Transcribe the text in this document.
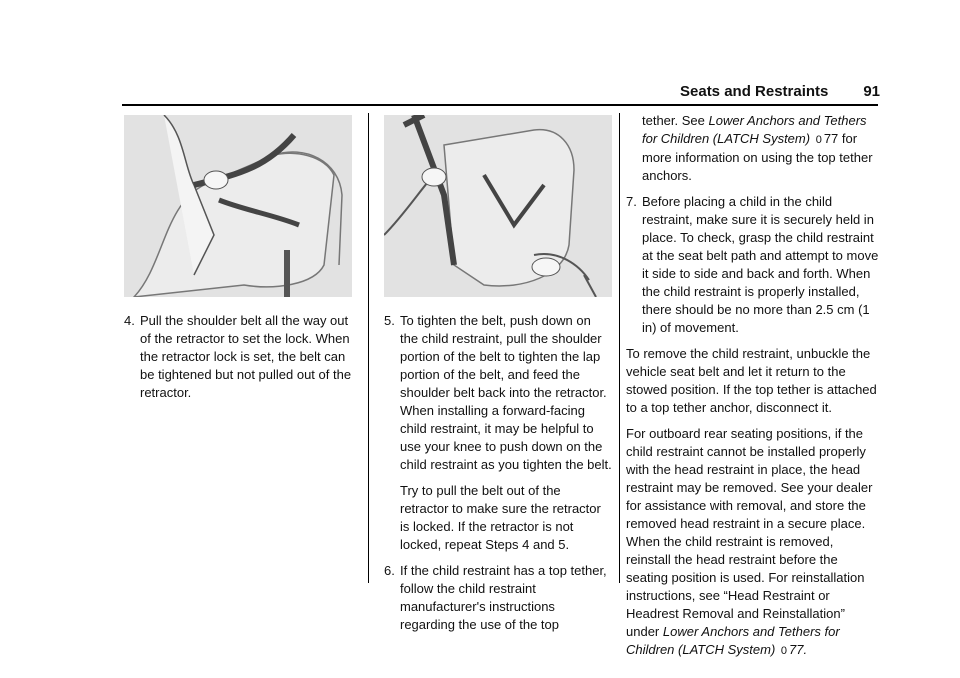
Seats and Restraints	91
4. Pull the shoulder belt all the way out of the retractor to set the lock. When the retractor lock is set, the belt can be tightened but not pulled out of the retractor.
5. To tighten the belt, push down on the child restraint, pull the shoulder portion of the belt to tighten the lap portion of the belt, and feed the shoulder belt back into the retractor. When installing a forward-facing child restraint, it may be helpful to use your knee to push down on the child restraint as you tighten the belt.
Try to pull the belt out of the retractor to make sure the retractor is locked. If the retractor is not locked, repeat Steps 4 and 5.
6. If the child restraint has a top tether, follow the child restraint manufacturer's instructions regarding the use of the top
tether. See Lower Anchors and Tethers for Children (LATCH System) 0 77 for more information on using the top tether anchors.
7. Before placing a child in the child restraint, make sure it is securely held in place. To check, grasp the child restraint at the seat belt path and attempt to move it side to side and back and forth. When the child restraint is properly installed, there should be no more than 2.5 cm (1 in) of movement.

To remove the child restraint, unbuckle the vehicle seat belt and let it return to the stowed position. If the top tether is attached to a top tether anchor, disconnect it.

For outboard rear seating positions, if the child restraint cannot be installed properly with the head restraint in place, the head restraint may be removed. See your dealer for assistance with removal, and store the removed head restraint in a secure place. When the child restraint is removed, reinstall the head restraint before the seating position is used. For reinstallation instructions, see “Head Restraint or Headrest Removal and Reinstallation” under Lower Anchors and Tethers for Children (LATCH System) 0 77.
